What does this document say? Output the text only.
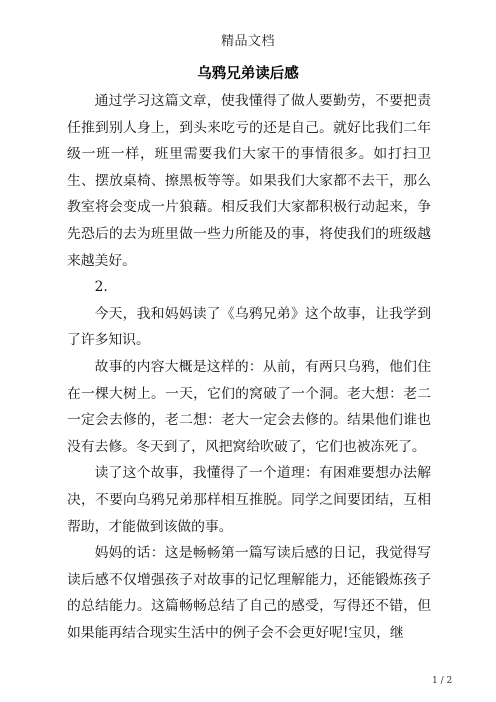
精品文档
乌鸦兄弟读后感

通过学习这篇文章，使我懂得了做人要勤劳，不要把责任推到别人身上，到头来吃亏的还是自己。就好比我们二年级一班一样，班里需要我们大家干的事情很多。如打扫卫生、摆放桌椅、擦黑板等等。如果我们大家都不去干，那么教室将会变成一片狼藉。相反我们大家都积极行动起来，争先恐后的去为班里做一些力所能及的事，将使我们的班级越来越美好。

2.

今天，我和妈妈读了《乌鸦兄弟》这个故事，让我学到了许多知识。

故事的内容大概是这样的：从前，有两只乌鸦，他们住在一棵大树上。一天，它们的窝破了一个洞。老大想：老二一定会去修的，老二想：老大一定会去修的。结果他们谁也没有去修。冬天到了，风把窝给吹破了，它们也被冻死了。

读了这个故事，我懂得了一个道理：有困难要想办法解决，不要向乌鸦兄弟那样相互推脱。同学之间要团结，互相帮助，才能做到该做的事。

妈妈的话：这是畅畅第一篇写读后感的日记，我觉得写读后感不仅增强孩子对故事的记忆理解能力，还能锻炼孩子的总结能力。这篇畅畅总结了自己的感受，写得还不错，但如果能再结合现实生活中的例子会不会更好呢!宝贝，继

1 / 2
